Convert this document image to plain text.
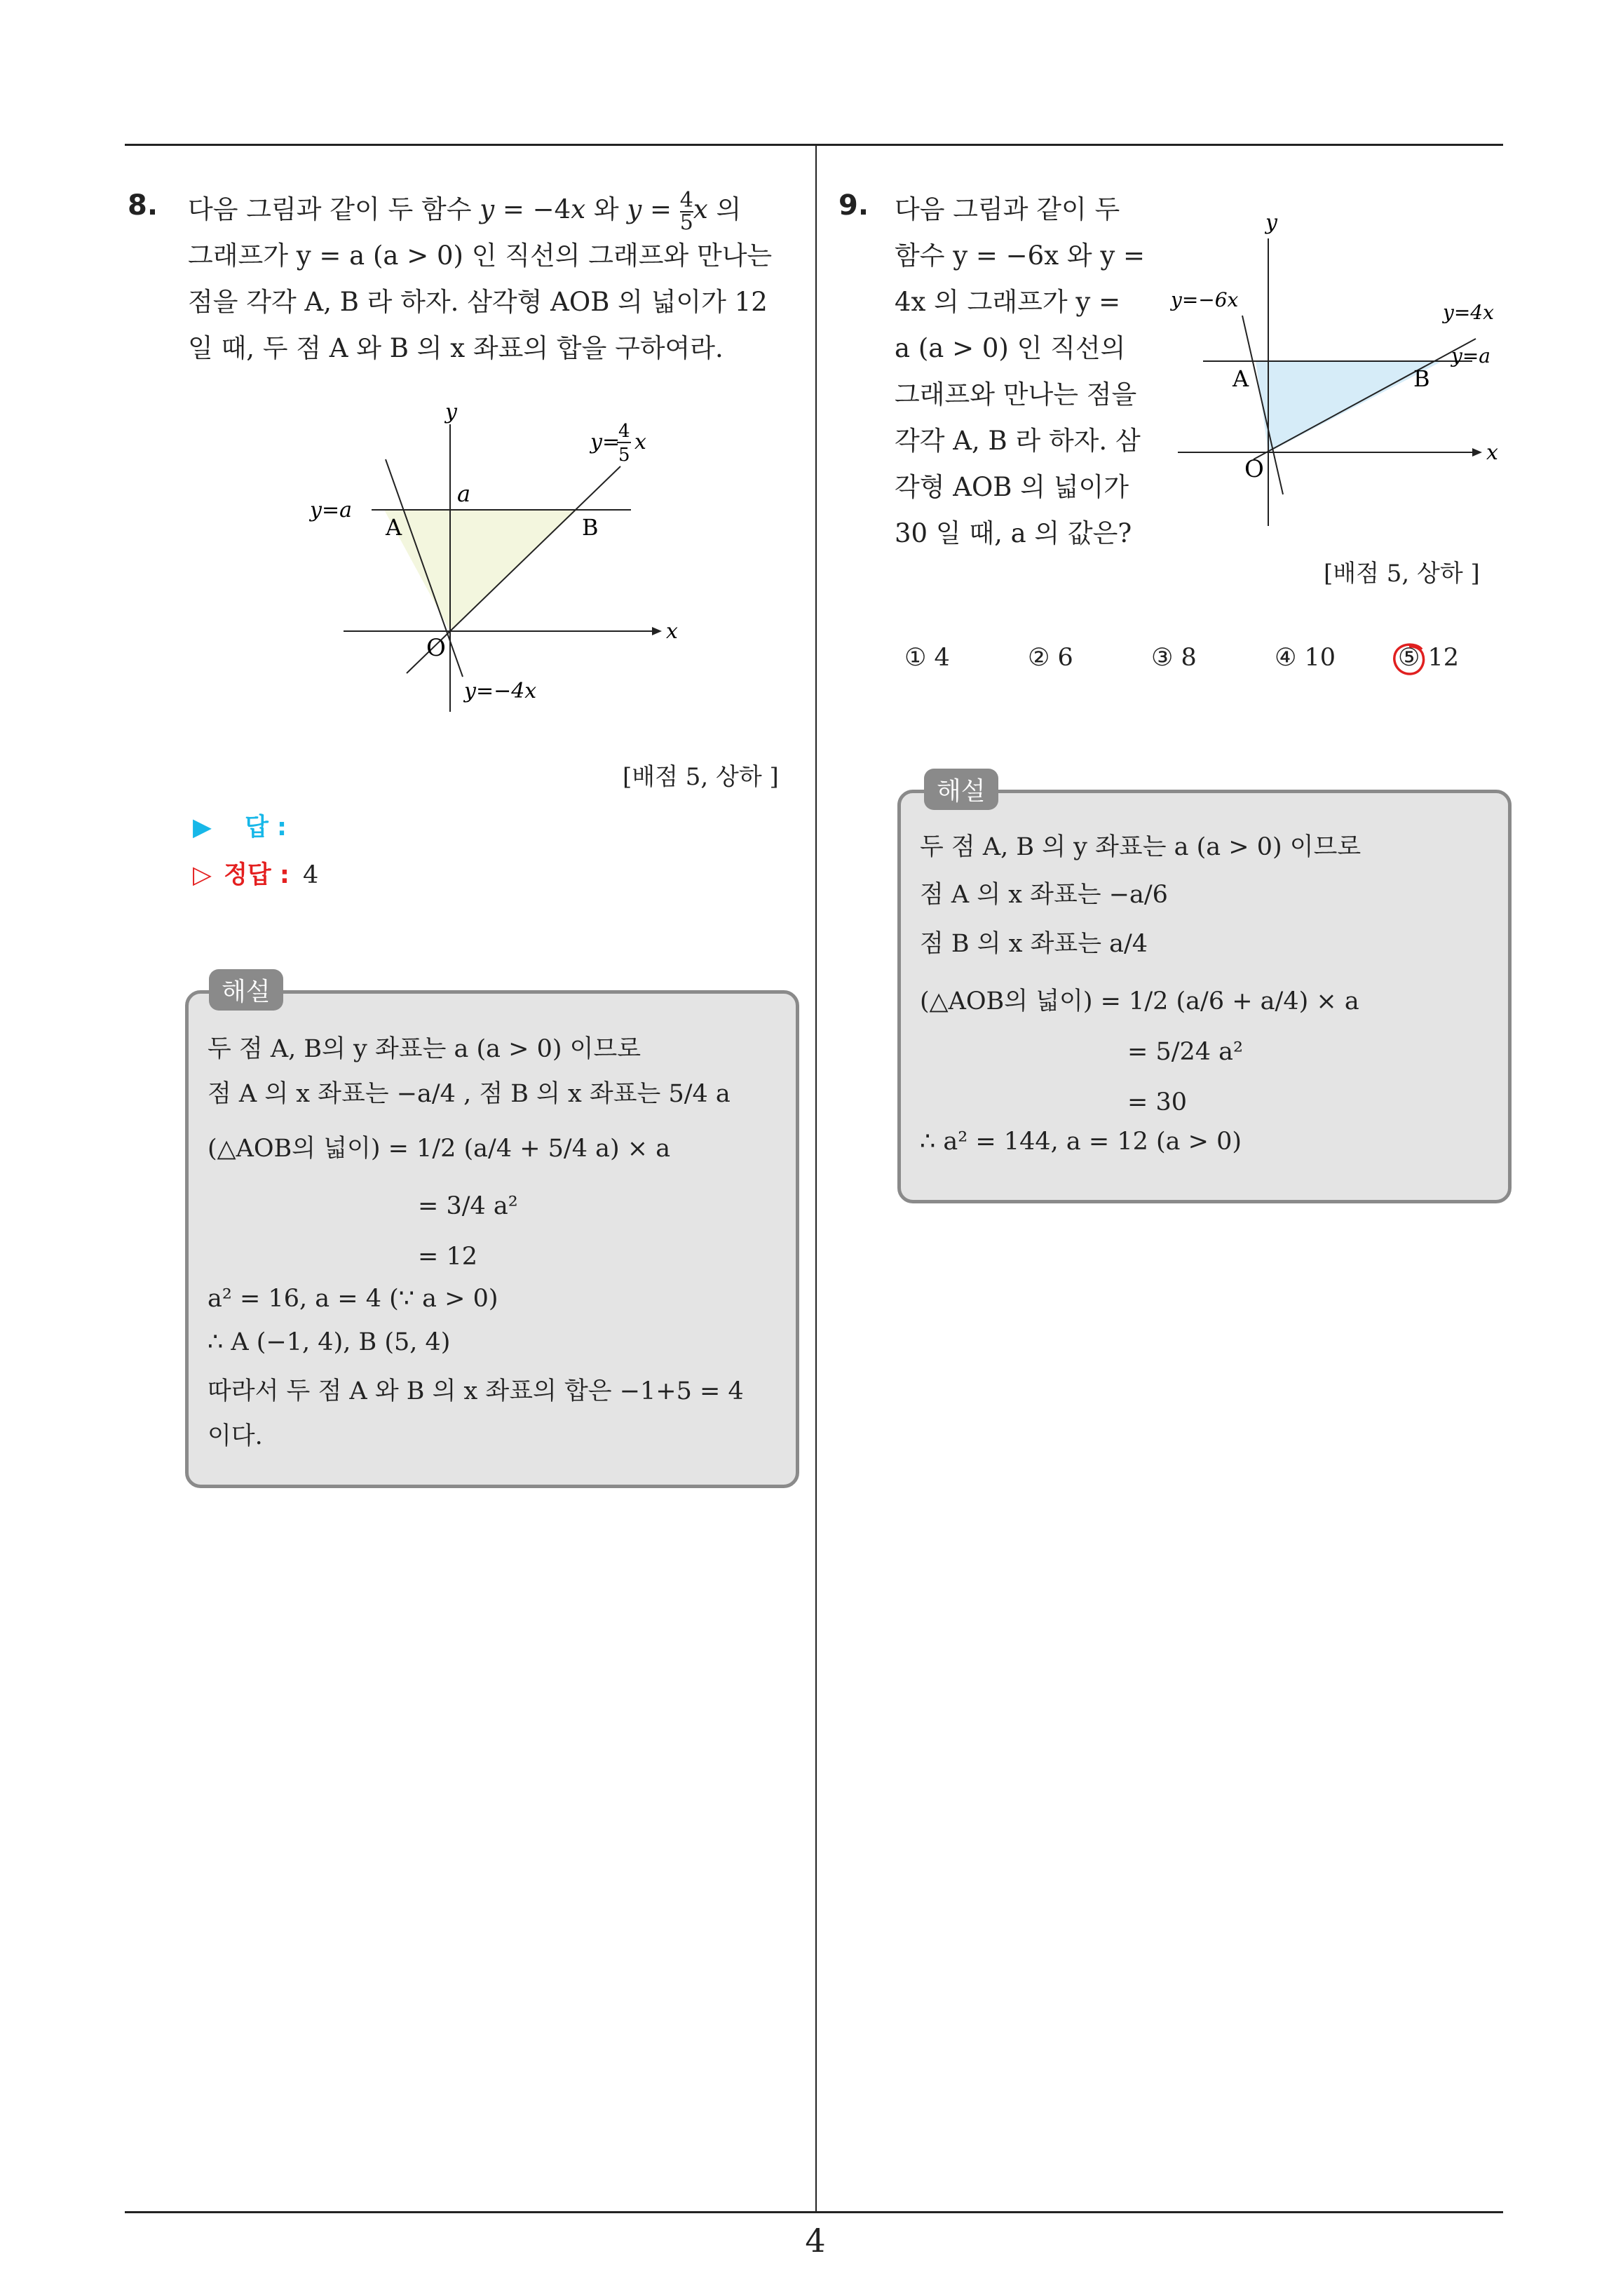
4
8. 다음 그림과 같이 두 함수 y = −4x 와 y = 4

5 x 의
그래프가 y = a (a > 0) 인 직선의 그래프와 만나는
점을 각각 A, B 라 하자. 삼각형 AOB 의 넓이가 12
일 때, 두 점 A 와 B 의 x 좌표의 합을 구하여라.
y
x
y=a
a
A	B
O
y=−4x
y=
4
5
x
[배점 5, 상하 ]
▶ 답 :
▷ 정답 : 4
해설
두 점 A, B의 y 좌표는 a (a > 0) 이므로
점 A 의 x 좌표는 −a/4 , 점 B 의 x 좌표는 5/4 a
(△AOB의 넓이) = 1/2 (a/4 + 5/4 a) × a
= 3/4 a²
= 12
a² = 16, a = 4 (∵ a > 0)
∴ A (−1, 4), B (5, 4)
따라서 두 점 A 와 B 의 x 좌표의 합은 −1+5 = 4
이다.
9. 다음 그림과 같이 두
함수 y = −6x 와 y =
4x 의 그래프가 y =
a (a > 0) 인 직선의
그래프와 만나는 점을
각각 A, B 라 하자. 삼
각형 AOB 의 넓이가
30 일 때, a 의 값은?
y
x
y=−6x
y=4x
y=a
A	B
O
[배점 5, 상하 ]
① 4	② 6	③ 8	④ 10	⑤ 12
해설
두 점 A, B 의 y 좌표는 a (a > 0) 이므로
점 A 의 x 좌표는 −a/6
점 B 의 x 좌표는 a/4
(△AOB의 넓이) = 1/2 (a/6 + a/4) × a
= 5/24 a²
= 30
∴ a² = 144, a = 12 (a > 0)
